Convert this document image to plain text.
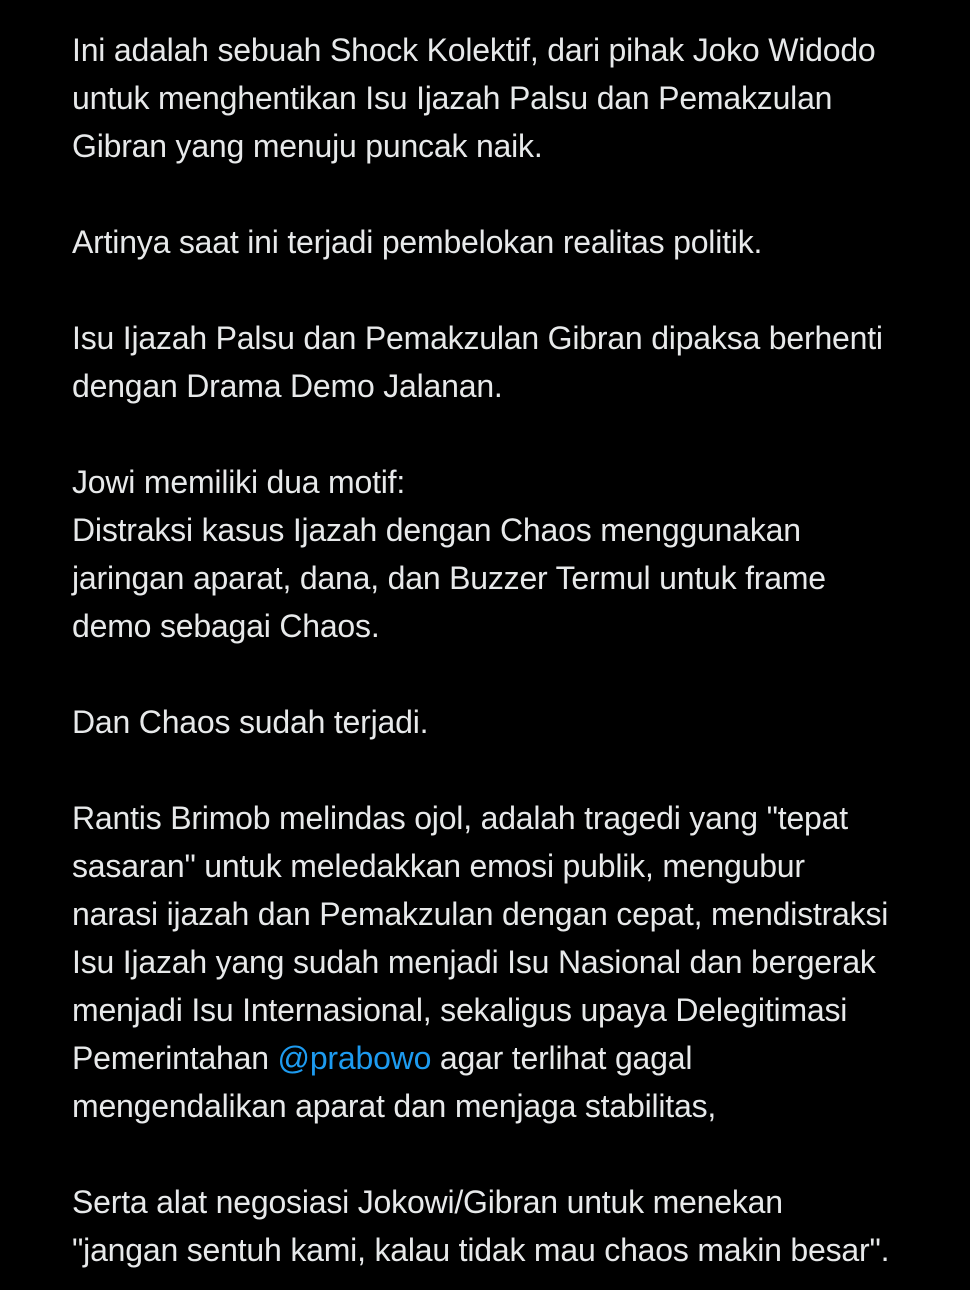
Ini adalah sebuah Shock Kolektif, dari pihak Joko Widodo
untuk menghentikan Isu Ijazah Palsu dan Pemakzulan
Gibran yang menuju puncak naik.
Artinya saat ini terjadi pembelokan realitas politik.
Isu Ijazah Palsu dan Pemakzulan Gibran dipaksa berhenti
dengan Drama Demo Jalanan.
Jowi memiliki dua motif:
Distraksi kasus Ijazah dengan Chaos menggunakan
jaringan aparat, dana, dan Buzzer Termul untuk frame
demo sebagai Chaos.
Dan Chaos sudah terjadi.
Rantis Brimob melindas ojol, adalah tragedi yang "tepat
sasaran" untuk meledakkan emosi publik, mengubur
narasi ijazah dan Pemakzulan dengan cepat, mendistraksi
Isu Ijazah yang sudah menjadi Isu Nasional dan bergerak
menjadi Isu Internasional, sekaligus upaya Delegitimasi
Pemerintahan @prabowo agar terlihat gagal
mengendalikan aparat dan menjaga stabilitas,
Serta alat negosiasi Jokowi/Gibran untuk menekan
"jangan sentuh kami, kalau tidak mau chaos makin besar".
